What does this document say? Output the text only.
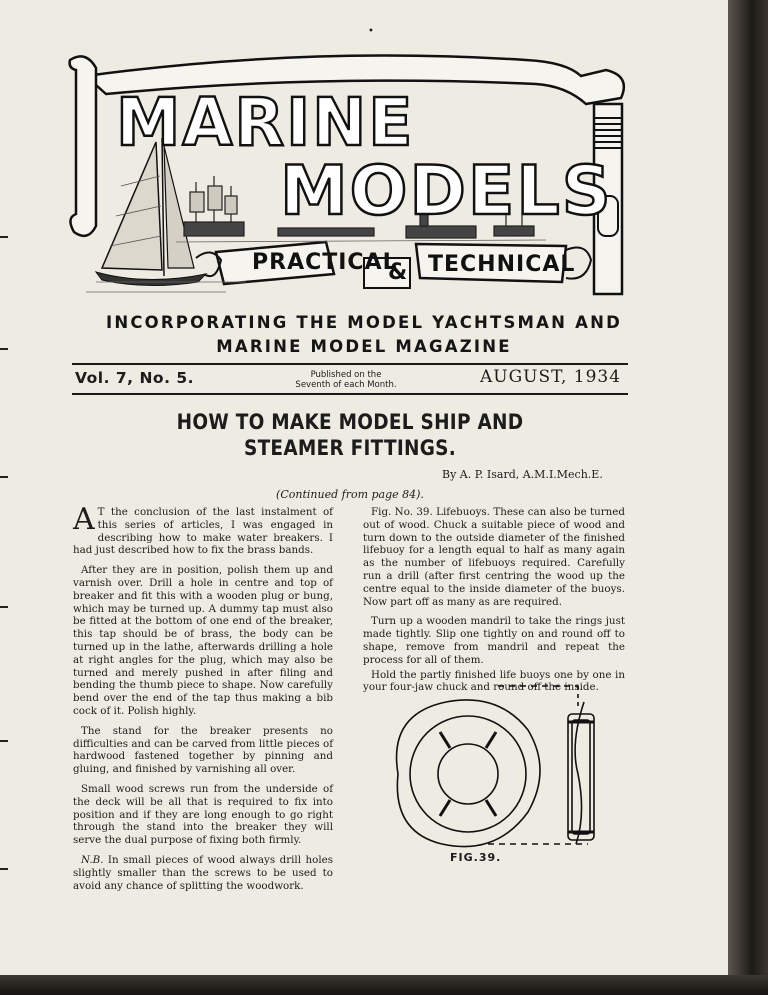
•
MARINE
MODELS
PRACTICAL
& TECHNICAL
INCORPORATING THE MODEL YACHTSMAN AND
MARINE MODEL MAGAZINE
Vol. 7, No. 5.	Published on the
Seventh of each Month.	AUGUST, 1934
HOW TO MAKE MODEL SHIP AND
STEAMER FITTINGS.
By A. P. Isard, A.M.I.Mech.E.
(Continued from page 84).

A T the conclusion of the last instalment of this series of articles, I was engaged in describing how to make water breakers. I had just described how to fix the brass bands.

After they are in position, polish them up and varnish over. Drill a hole in centre and top of breaker and fit this with a wooden plug or bung, which may be turned up. A dummy tap must also be fitted at the bottom of one end of the breaker, this tap should be of brass, the body can be turned up in the lathe, afterwards drilling a hole at right angles for the plug, which may also be turned and merely pushed in after filing and bending the thumb piece to shape. Now carefully bend over the end of the tap thus making a bib cock of it. Polish highly.

The stand for the breaker presents no difficulties and can be carved from little pieces of hardwood fastened together by pinning and gluing, and finished by varnishing all over.

Small wood screws run from the underside of the deck will be all that is required to fix into position and if they are long enough to go right through the stand into the breaker they will serve the dual purpose of fixing both firmly.

N.B. In small pieces of wood always drill holes slightly smaller than the screws to be used to avoid any chance of splitting the woodwork.

Fig. No. 39. Lifebuoys. These can also be turned out of wood. Chuck a suitable piece of wood and turn down to the outside diameter of the finished lifebuoy for a length equal to half as many again as the number of lifebuoys required. Carefully run a drill (after first centring the wood up the centre equal to the inside diameter of the buoys. Now part off as many as are required.

Turn up a wooden mandril to take the rings just made tightly. Slip one tightly on and round off to shape, remove from mandril and repeat the process for all of them.

Hold the partly finished life buoys one by one in your four-jaw chuck and round off the inside.

FIG.39.
